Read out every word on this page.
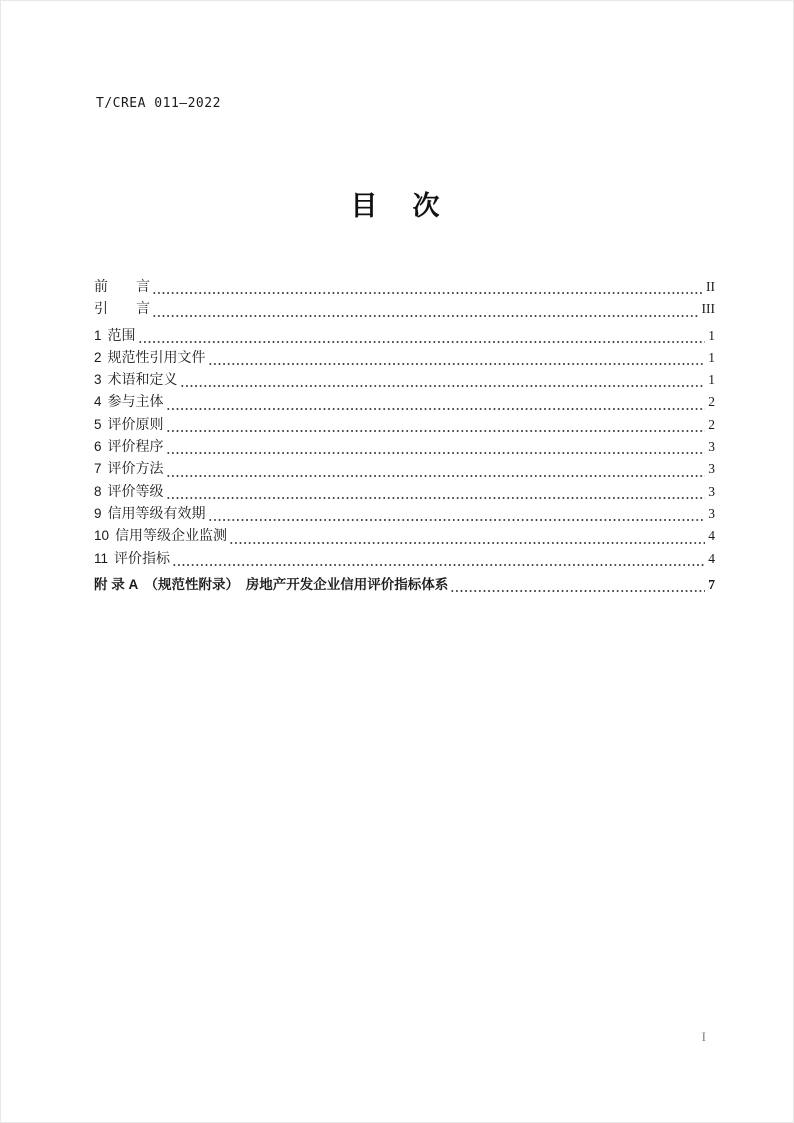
T/CREA 011—2022
目　次
前　　言	II
引　　言	III
1 范围	1
2 规范性引用文件	1
3 术语和定义	1
4 参与主体	2
5 评价原则	2
6 评价程序	3
7 评价方法	3
8 评价等级	3
9 信用等级有效期	3
10 信用等级企业监测	4
11 评价指标	4
附 录 A　（规范性附录）　房地产开发企业信用评价指标体系	7
I
